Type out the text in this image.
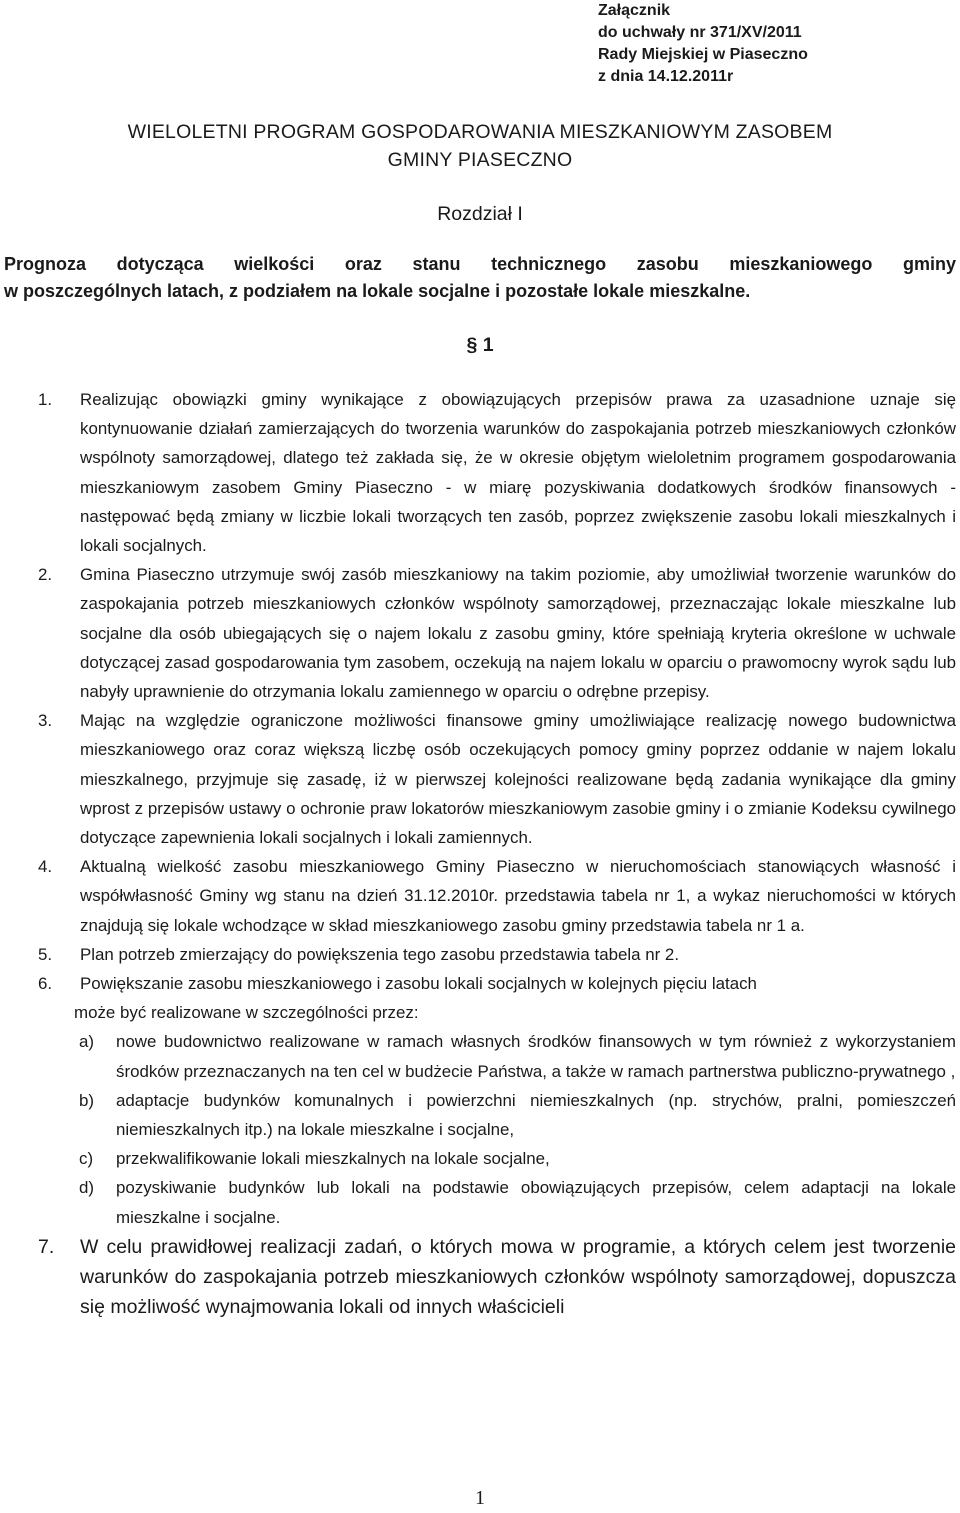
Załącznik
do uchwały nr 371/XV/2011
Rady Miejskiej w Piasecznо
z dnia 14.12.2011r
WIELOLETNI PROGRAM GOSPODAROWANIA MIESZKANIOWYM ZASOBEM
GMINY PIASECZNO
Rozdział I
Prognoza dotycząca wielkości oraz stanu technicznego zasobu mieszkaniowego gminy
w poszczególnych latach, z podziałem na lokale socjalne i pozostałe lokale mieszkalne.
§ 1
1. Realizując obowiązki gminy wynikające z obowiązujących przepisów prawa za uzasadnione uznaje się kontynuowanie działań zamierzających do tworzenia warunków do zaspokajania potrzeb mieszkaniowych członków wspólnoty samorządowej, dlatego też zakłada się, że w okresie objętym wieloletnim programem gospodarowania mieszkaniowym zasobem Gminy Piaseczno - w miarę pozyskiwania dodatkowych środków finansowych - następować będą zmiany w liczbie lokali tworzących ten zasób, poprzez zwiększenie zasobu lokali mieszkalnych i lokali socjalnych.
2. Gmina Piaseczno utrzymuje swój zasób mieszkaniowy na takim poziomie, aby umożliwiał tworzenie warunków do zaspokajania potrzeb mieszkaniowych członków wspólnoty samorządowej, przeznaczając lokale mieszkalne lub socjalne dla osób ubiegających się o najem lokalu z zasobu gminy, które spełniają kryteria określone w uchwale dotyczącej zasad gospodarowania tym zasobem, oczekują na najem lokalu w oparciu o prawomocny wyrok sądu lub nabyły uprawnienie do otrzymania lokalu zamiennego w oparciu o odrębne przepisy.
3. Mając na względzie ograniczone możliwości finansowe gminy umożliwiające realizację nowego budownictwa mieszkaniowego oraz coraz większą liczbę osób oczekujących pomocy gminy poprzez oddanie w najem lokalu mieszkalnego, przyjmuje się zasadę, iż w pierwszej kolejności realizowane będą zadania wynikające dla gminy wprost z przepisów ustawy o ochronie praw lokatorów mieszkaniowym zasobie gminy i o zmianie Kodeksu cywilnego dotyczące zapewnienia lokali socjalnych i lokali zamiennych.
4. Aktualną wielkość zasobu mieszkaniowego Gminy Piaseczno w nieruchomościach stanowiących własność i współwłasność Gminy wg stanu na dzień 31.12.2010r. przedstawia tabela nr 1, a wykaz nieruchomości w których znajdują się lokale wchodzące w skład mieszkaniowego zasobu gminy przedstawia tabela nr 1 a.
5. Plan potrzeb zmierzający do powiększenia tego zasobu przedstawia tabela nr 2.
6. Powiększanie zasobu mieszkaniowego i zasobu lokali socjalnych w kolejnych pięciu latach
może być realizowane w szczególności przez:
a) nowe budownictwo realizowane w ramach własnych środków finansowych w tym również z wykorzystaniem środków przeznaczanych na ten cel w budżecie Państwa, a także w ramach partnerstwa publiczno-prywatnego ,
b) adaptacje budynków komunalnych i powierzchni niemieszkalnych (np. strychów, pralni, pomieszczeń niemieszkalnych itp.) na lokale mieszkalne i socjalne,
c) przekwalifikowanie lokali mieszkalnych na lokale socjalne,
d) pozyskiwanie budynków lub lokali na podstawie obowiązujących przepisów, celem adaptacji na lokale mieszkalne i socjalne.
7. W celu prawidłowej realizacji zadań, o których mowa w programie, a których celem jest tworzenie warunków do zaspokajania potrzeb mieszkaniowych członków wspólnoty samorządowej, dopuszcza się możliwość wynajmowania lokali od innych właścicieli
1
